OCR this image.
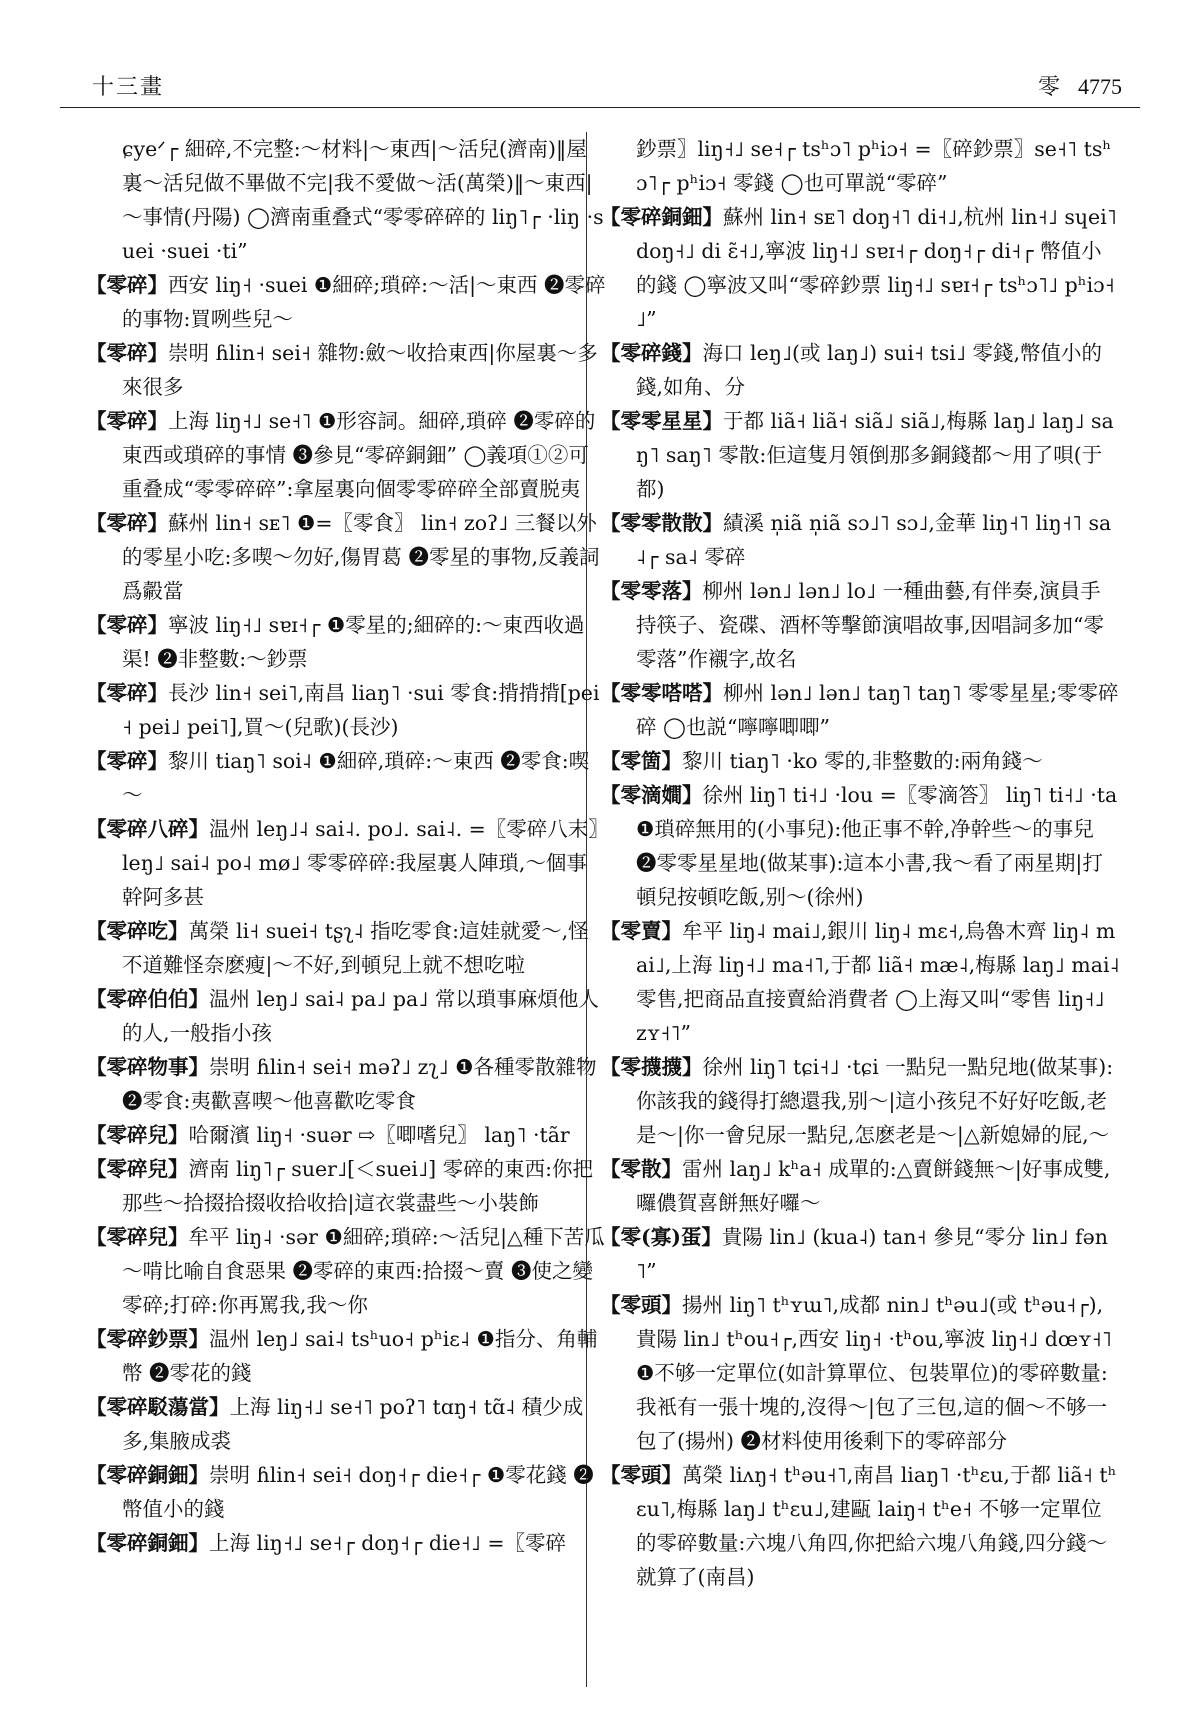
十三畫	零 4775
ɕyeᐟ┌ 細碎,不完整:～材料|～東西|～活兒(濟南)‖屋裏～活兒做不畢做不完|我不愛做～活(萬榮)‖～東西|～事情(丹陽) ◯濟南重叠式“零零碎碎的 liŋ˥┌ ·liŋ ·suei ·suei ·ti”
【零碎】西安 liŋ˧ ·suei ❶細碎;瑣碎:～活|～東西 ❷零碎的事物:買咧些兒～
【零碎】崇明 ɦlin˧ sei˧ 雜物:斂～收拾東西|你屋裏～多來很多
【零碎】上海 liŋ˧˩ se˧˥ ❶形容詞。細碎,瑣碎 ❷零碎的東西或瑣碎的事情 ❸參見“零碎銅鈿” ◯義項①②可重叠成“零零碎碎”:拿屋裏向個零零碎碎全部賣脱夷
【零碎】蘇州 lin˧ sᴇ˥ ❶=〖零食〗 lin˧ zoʔ˩ 三餐以外的零星小吃:多喫～勿好,傷胃葛 ❷零星的事物,反義詞爲㲉當
【零碎】寧波 liŋ˧˩ sɐɪ˧┌ ❶零星的;細碎的:～東西收過渠! ❷非整數:～鈔票
【零碎】長沙 lin˧ sei˥,南昌 liaŋ˥ ·sui 零食:揹揹揹[pei˧ pei˩ pei˥],買～(兒歌)(長沙)
【零碎】黎川 tiaŋ˥ soi˨ ❶細碎,瑣碎:～東西 ❷零食:喫～
【零碎八碎】温州 leŋ˩˨ sai˨. po˩. sai˨. =〖零碎八末〗leŋ˩ sai˨ po˨ mø˩ 零零碎碎:我屋裏人陣瑣,～個事幹阿多甚
【零碎吃】萬榮 li˧ suei˧ tʂʅ˨ 指吃零食:這娃就愛～,怪不道難怪奈麽瘦|～不好,到頓兒上就不想吃啦
【零碎伯伯】温州 leŋ˩ sai˨ pa˩ pa˩ 常以瑣事麻煩他人的人,一般指小孩
【零碎物事】崇明 ɦlin˧ sei˧ məʔ˩ zʅ˩ ❶各種零散雜物 ❷零食:夷歡喜喫～他喜歡吃零食
【零碎兒】哈爾濱 liŋ˧ ·suər ⇨〖唧嗜兒〗 laŋ˥ ·tãr
【零碎兒】濟南 liŋ˥┌ suer˩[＜suei˩] 零碎的東西:你把那些～拾掇拾掇收拾收拾|這衣裳盡些～小裝飾
【零碎兒】牟平 liŋ˨ ·sər ❶細碎;瑣碎:～活兒|△種下苦瓜～啃比喻自食惡果 ❷零碎的東西:拾掇～賣 ❸使之變零碎;打碎:你再罵我,我～你
【零碎鈔票】温州 leŋ˩ sai˨ tsʰuo˧ pʰiɛ˨ ❶指分、角輔幣 ❷零花的錢
【零碎駁蕩當】上海 liŋ˧˩ se˧˥ poʔ˥ tɑŋ˧ tɑ̃˨ 積少成多,集腋成裘
【零碎銅鈿】崇明 ɦlin˧ sei˧ doŋ˧┌ die˧┌ ❶零花錢 ❷幣值小的錢
【零碎銅鈿】上海 liŋ˧˩ se˧┌ doŋ˧┌ die˧˩ =〖零碎
鈔票〗liŋ˧˩ se˧┌ tsʰɔ˥ pʰiɔ˧ =〖碎鈔票〗se˧˥ tsʰɔ˥┌ pʰiɔ˧ 零錢 ◯也可單説“零碎”
【零碎銅鈿】蘇州 lin˧ sᴇ˥ doŋ˧˥ di˧˩,杭州 lin˧˩ sɥei˥ doŋ˧˩ di ɛ̃˧˩,寧波 liŋ˧˩ sɐɪ˧┌ doŋ˧┌ di˧┌ 幣值小的錢 ◯寧波又叫“零碎鈔票 liŋ˧˩ sɐɪ˧┌ tsʰɔ˥˩ pʰiɔ˧˩”
【零碎錢】海口 leŋ˩(或 laŋ˩) sui˧ tsi˩ 零錢,幣值小的錢,如角、分
【零零星星】于都 liã˧ liã˧ siã˩ siã˩,梅縣 laŋ˩ laŋ˩ saŋ˥ saŋ˥ 零散:佢這隻月領倒那多銅錢都～用了唄(于都)
【零零散散】績溪 n̩iã n̩iã sɔ˩˥ sɔ˩,金華 liŋ˧˥ liŋ˧˥ sa˨┌ sa˨ 零碎
【零零落】柳州 lən˩ lən˩ lo˩ 一種曲藝,有伴奏,演員手持筷子、瓷碟、酒杯等擊節演唱故事,因唱詞多加“零零落”作襯字,故名
【零零嗒嗒】柳州 lən˩ lən˩ taŋ˥ taŋ˥ 零零星星;零零碎碎 ◯也説“嚀嚀唧唧”
【零箇】黎川 tiaŋ˥ ·ko 零的,非整數的:兩角錢～
【零滴𡢃】徐州 liŋ˥ ti˧˩ ·lou =〖零滴答〗 liŋ˥ ti˧˩ ·ta ❶瑣碎無用的(小事兒):他正事不幹,净幹些～的事兒 ❷零零星星地(做某事):這本小書,我～看了兩星期|打頓兒按頓吃飯,别～(徐州)
【零賣】牟平 liŋ˨ mai˩,銀川 liŋ˨ mɛ˧,烏魯木齊 liŋ˨ mai˩,上海 liŋ˧˩ ma˧˥,于都 liã˧ mæ˨,梅縣 laŋ˩ mai˨ 零售,把商品直接賣給消費者 ◯上海又叫“零售 liŋ˧˩ zʏ˧˥”
【零㩢㩢】徐州 liŋ˥ tɕi˧˩ ·tɕi 一點兒一點兒地(做某事):你該我的錢得打總還我,别～|這小孩兒不好好吃飯,老是～|你一會兒尿一點兒,怎麽老是～|△新媳婦的屁,～
【零散】雷州 laŋ˩ kʰa˧ 成單的:△賣餅錢無～|好事成雙,囉儂賀喜餅無好囉～
【零(寡)蛋】貴陽 lin˩ (kua˨) tan˧ 參見“零分 lin˩ fən˥”
【零頭】揚州 liŋ˥ tʰʏɯ˥,成都 nin˩ tʰəu˩(或 tʰəu˧┌),貴陽 lin˩ tʰou˧┌,西安 liŋ˧ ·tʰou,寧波 liŋ˧˩ dœʏ˧˥ ❶不够一定單位(如計算單位、包裝單位)的零碎數量:我衹有一張十塊的,沒得～|包了三包,這的個～不够一包了(揚州) ❷材料使用後剩下的零碎部分
【零頭】萬榮 liʌŋ˧ tʰəu˧˥,南昌 liaŋ˥ ·tʰɛu,于都 liã˧ tʰɛu˥,梅縣 laŋ˩ tʰɛu˩,建甌 laiŋ˧ tʰe˧ 不够一定單位的零碎數量:六塊八角四,你把給六塊八角錢,四分錢～就算了(南昌)
